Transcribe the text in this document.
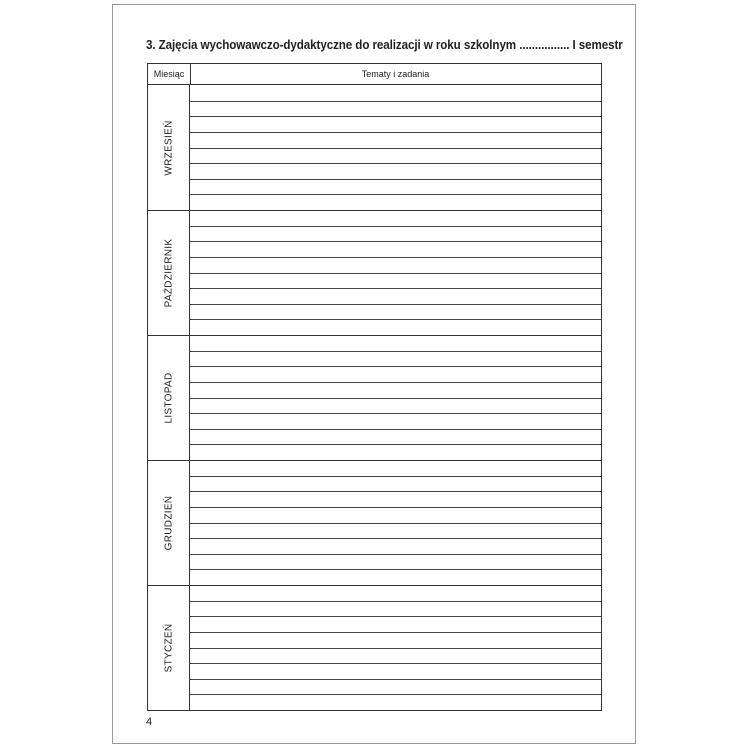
3. Zajęcia wychowawczo-dydaktyczne do realizacji w roku szkolnym ................ I semestr
Miesiąc	Tematy i zadania
WRZESIEŃ
PAŹDZIERNIK
LISTOPAD
GRUDZIEŃ
STYCZEŃ
4
